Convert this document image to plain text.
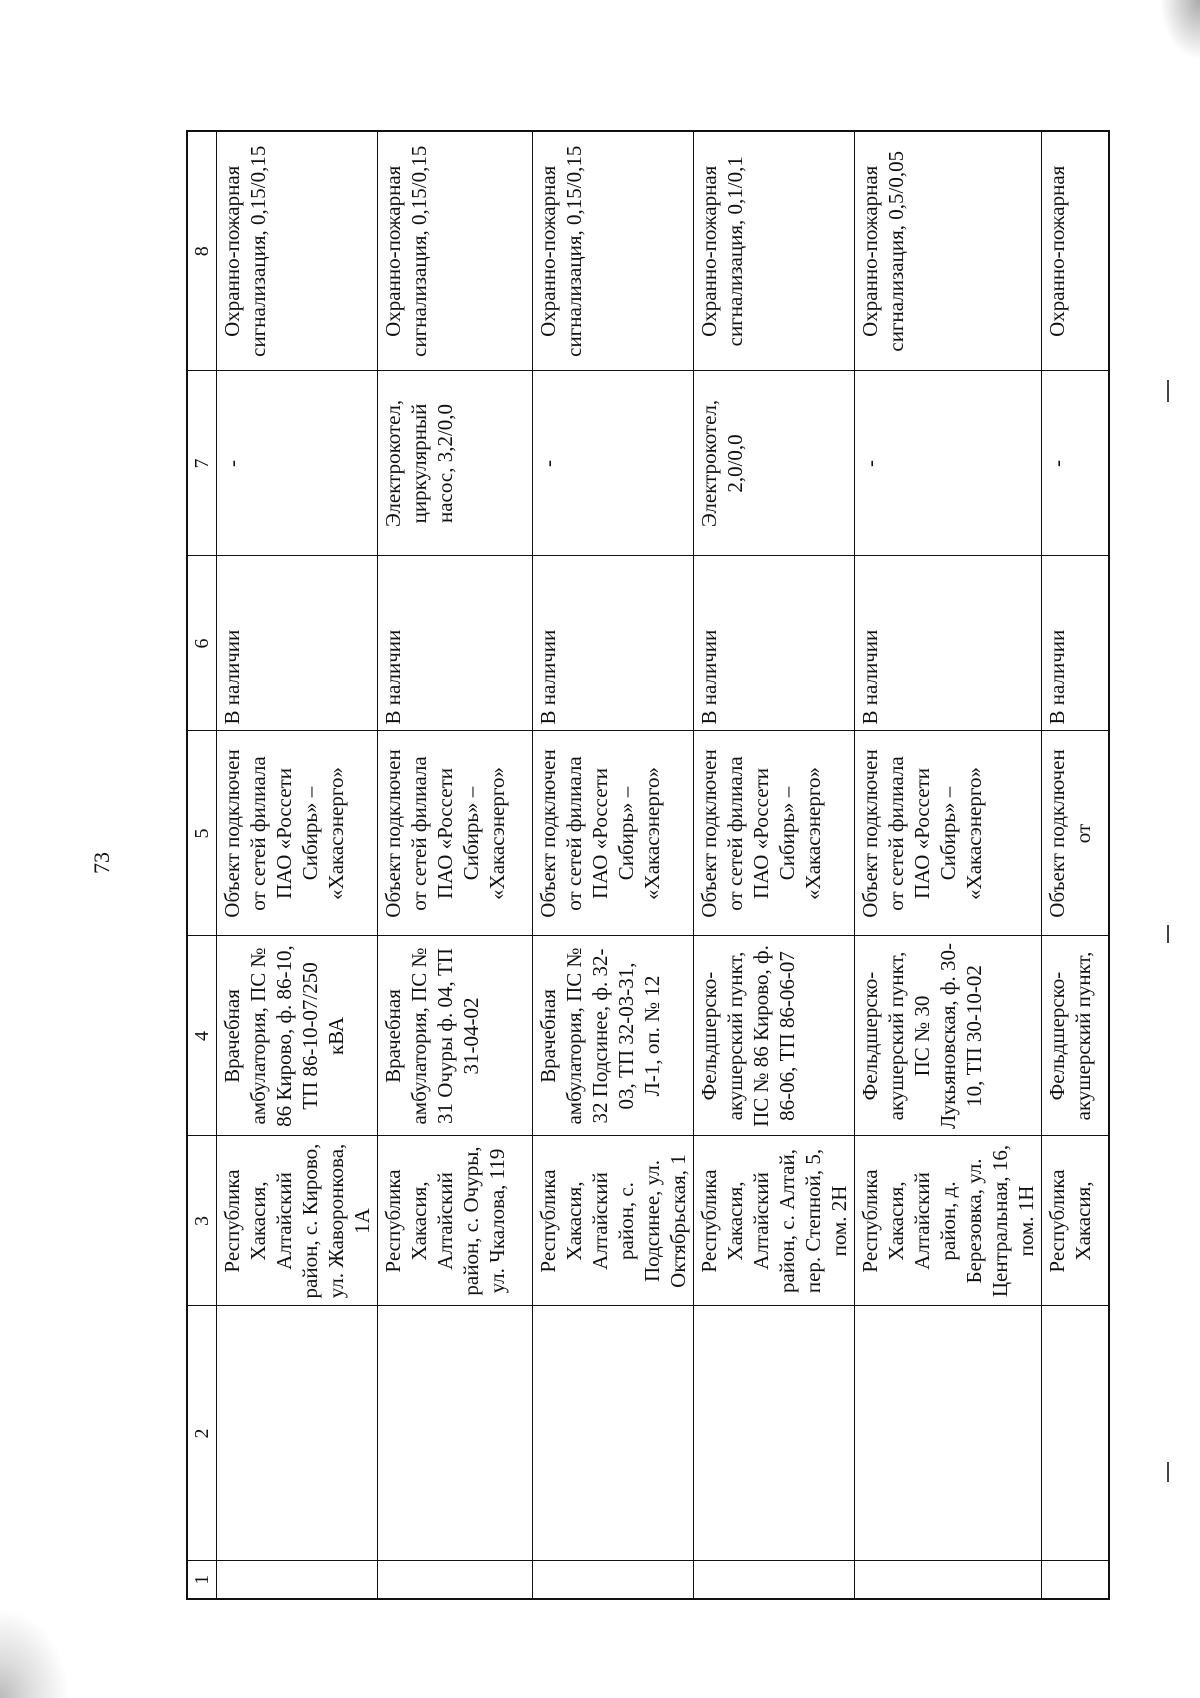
73
1	2	3	4	5	6	7	8
		Республика Хакасия, Алтайский район, с. Кирово, ул. Жаворонкова, 1А	Врачебная амбулатория, ПС № 86 Кирово, ф. 86-10, ТП 86-10-07/250 кВА	Объект подключен от сетей филиала ПАО «Россети Сибирь» – «Хакасэнерго»	В наличии	-	Охранно-пожарная сигнализация, 0,15/0,15
		Республика Хакасия, Алтайский район, с. Очуры, ул. Чкалова, 119	Врачебная амбулатория, ПС № 31 Очуры ф. 04, ТП 31-04-02	Объект подключен от сетей филиала ПАО «Россети Сибирь» – «Хакасэнерго»	В наличии	Электрокотел, циркулярный насос, 3,2/0,0	Охранно-пожарная сигнализация, 0,15/0,15
		Республика Хакасия, Алтайский район, с. Подсинее, ул. Октябрьская, 1	Врачебная амбулатория, ПС № 32 Подсинее, ф. 32-03, ТП 32-03-31, Л-1, оп. № 12	Объект подключен от сетей филиала ПАО «Россети Сибирь» – «Хакасэнерго»	В наличии	-	Охранно-пожарная сигнализация, 0,15/0,15
		Республика Хакасия, Алтайский район, с. Алтай, пер. Степной, 5, пом. 2Н	Фельдшерско-акушерский пункт, ПС № 86 Кирово, ф. 86-06, ТП 86-06-07	Объект подключен от сетей филиала ПАО «Россети Сибирь» – «Хакасэнерго»	В наличии	Электрокотел, 2,0/0,0	Охранно-пожарная сигнализация, 0,1/0,1
		Республика Хакасия, Алтайский район, д. Березовка, ул. Центральная, 16, пом. 1Н	Фельдшерско-акушерский пункт, ПС № 30 Лукьяновская, ф. 30-10, ТП 30-10-02	Объект подключен от сетей филиала ПАО «Россети Сибирь» – «Хакасэнерго»	В наличии	-	Охранно-пожарная сигнализация, 0,5/0,05
		Республика Хакасия,	Фельдшерско-акушерский пункт,	Объект подключен от	В наличии	-	Охранно-пожарная
